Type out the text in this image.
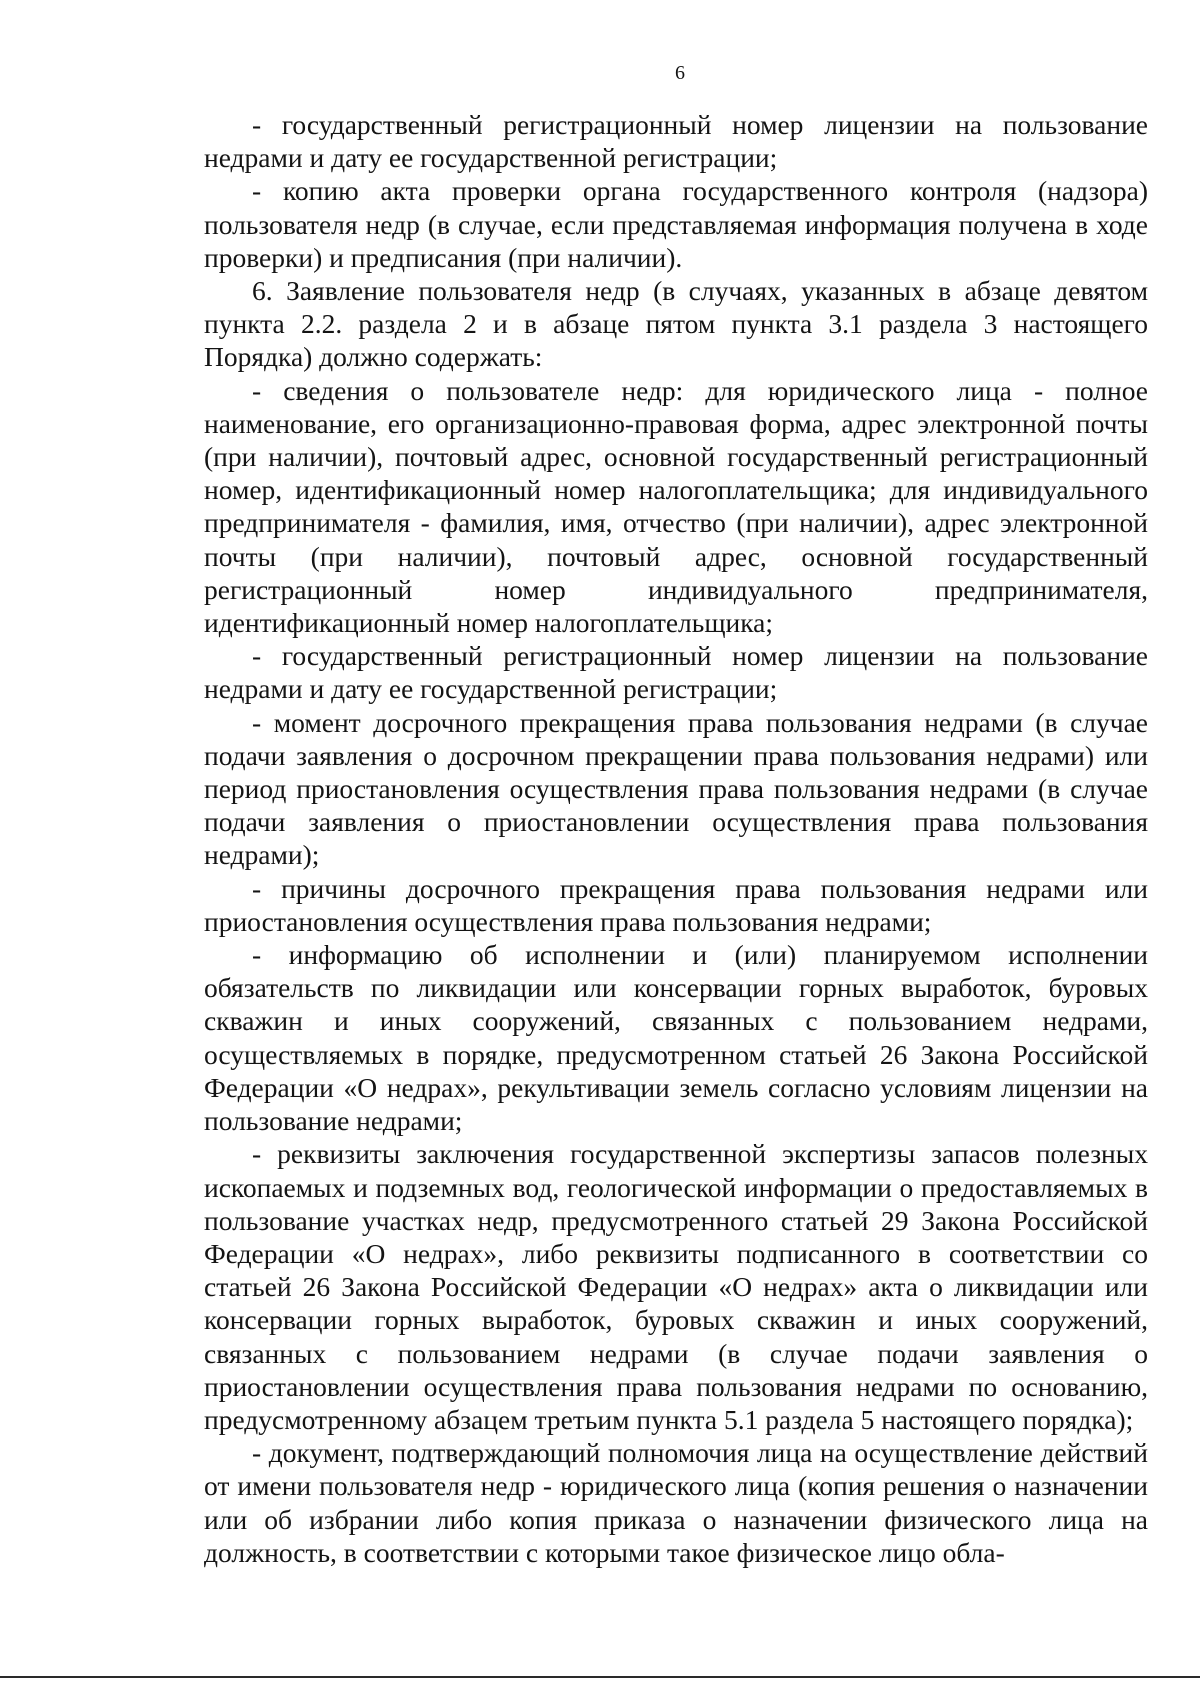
6

- государственный регистрационный номер лицензии на пользование недрами и дату ее государственной регистрации;

- копию акта проверки органа государственного контроля (надзора) пользователя недр (в случае, если представляемая информация получена в ходе проверки) и предписания (при наличии).

6. Заявление пользователя недр (в случаях, указанных в абзаце девятом пункта 2.2. раздела 2 и в абзаце пятом пункта 3.1 раздела 3 настоящего Порядка) должно содержать:

- сведения о пользователе недр: для юридического лица - полное наименование, его организационно-правовая форма, адрес электронной почты (при наличии), почтовый адрес, основной государственный регистрационный номер, идентификационный номер налогоплательщика; для индивидуального предпринимателя - фамилия, имя, отчество (при наличии), адрес электронной почты (при наличии), почтовый адрес, основной государственный регистрационный номер индивидуального предпринимателя, идентификационный номер налогоплательщика;

- государственный регистрационный номер лицензии на пользование недрами и дату ее государственной регистрации;

- момент досрочного прекращения права пользования недрами (в случае подачи заявления о досрочном прекращении права пользования недрами) или период приостановления осуществления права пользования недрами (в случае подачи заявления о приостановлении осуществления права пользования недрами);

- причины досрочного прекращения права пользования недрами или приостановления осуществления права пользования недрами;

- информацию об исполнении и (или) планируемом исполнении обязательств по ликвидации или консервации горных выработок, буровых скважин и иных сооружений, связанных с пользованием недрами, осуществляемых в порядке, предусмотренном статьей 26 Закона Российской Федерации «О недрах», рекультивации земель согласно условиям лицензии на пользование недрами;

- реквизиты заключения государственной экспертизы запасов полезных ископаемых и подземных вод, геологической информации о предоставляемых в пользование участках недр, предусмотренного статьей 29 Закона Российской Федерации «О недрах», либо реквизиты подписанного в соответствии со статьей 26 Закона Российской Федерации «О недрах» акта о ликвидации или консервации горных выработок, буровых скважин и иных сооружений, связанных с пользованием недрами (в случае подачи заявления о приостановлении осуществления права пользования недрами по основанию, предусмотренному абзацем третьим пункта 5.1 раздела 5 настоящего порядка);

- документ, подтверждающий полномочия лица на осуществление действий от имени пользователя недр - юридического лица (копия решения о назначении или об избрании либо копия приказа о назначении физического лица на должность, в соответствии с которыми такое физическое лицо обла-
